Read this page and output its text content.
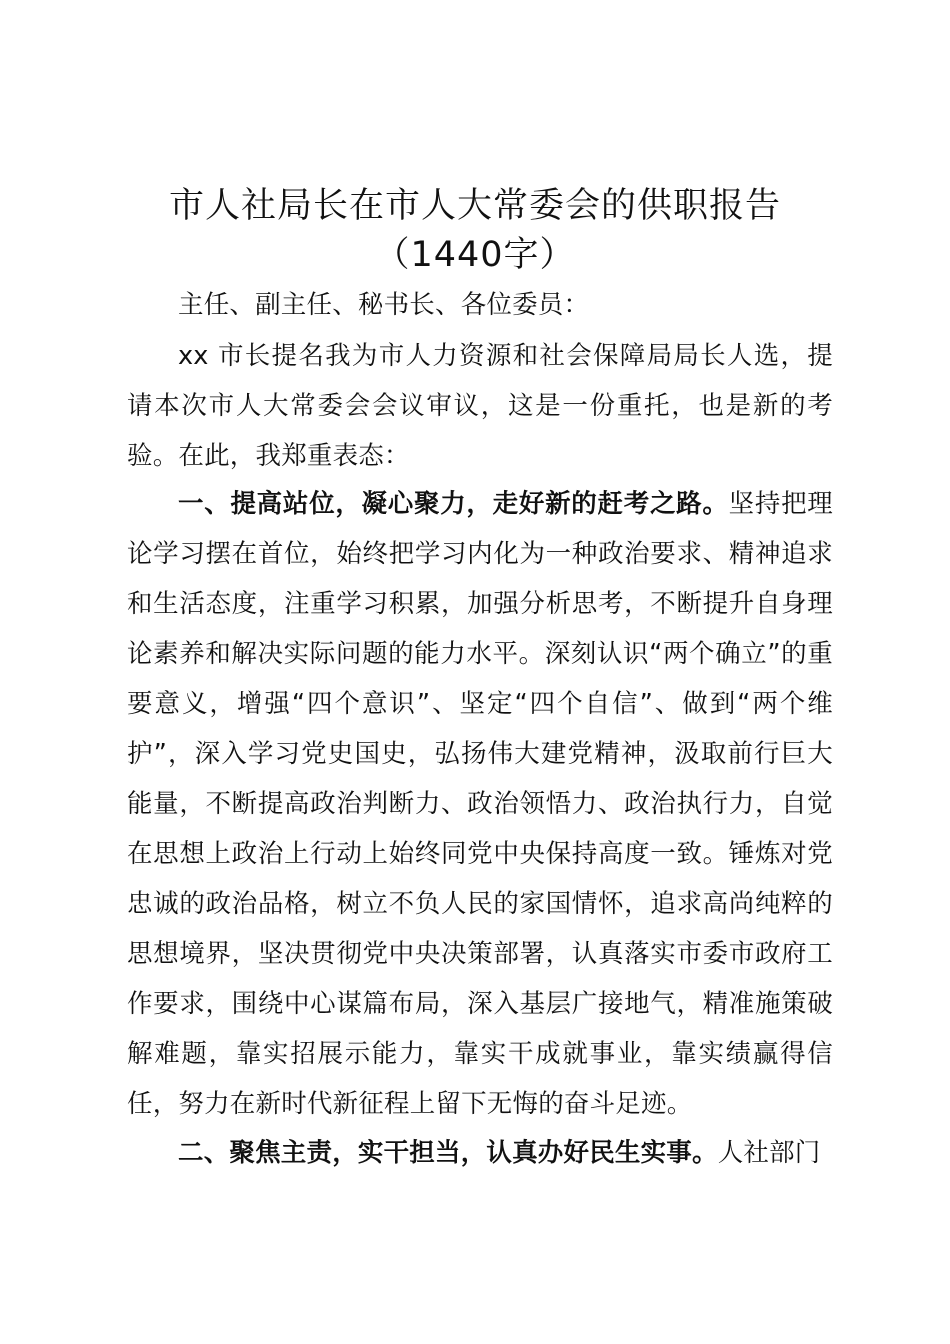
市人社局长在市人大常委会的供职报告
（1440字）

主任、副主任、秘书长、各位委员：

xx 市长提名我为市人力资源和社会保障局局长人选，提请本次市人大常委会会议审议，这是一份重托，也是新的考验。在此，我郑重表态：

一、提高站位，凝心聚力，走好新的赶考之路。坚持把理论学习摆在首位，始终把学习内化为一种政治要求、精神追求和生活态度，注重学习积累，加强分析思考，不断提升自身理论素养和解决实际问题的能力水平。深刻认识“两个确立”的重要意义，增强“四个意识”、坚定“四个自信”、做到“两个维护”，深入学习党史国史，弘扬伟大建党精神，汲取前行巨大能量，不断提高政治判断力、政治领悟力、政治执行力，自觉在思想上政治上行动上始终同党中央保持高度一致。锤炼对党忠诚的政治品格，树立不负人民的家国情怀，追求高尚纯粹的思想境界，坚决贯彻党中央决策部署，认真落实市委市政府工作要求，围绕中心谋篇布局，深入基层广接地气，精准施策破解难题，靠实招展示能力，靠实干成就事业，靠实绩赢得信任，努力在新时代新征程上留下无悔的奋斗足迹。

二、聚焦主责，实干担当，认真办好民生实事。人社部门
